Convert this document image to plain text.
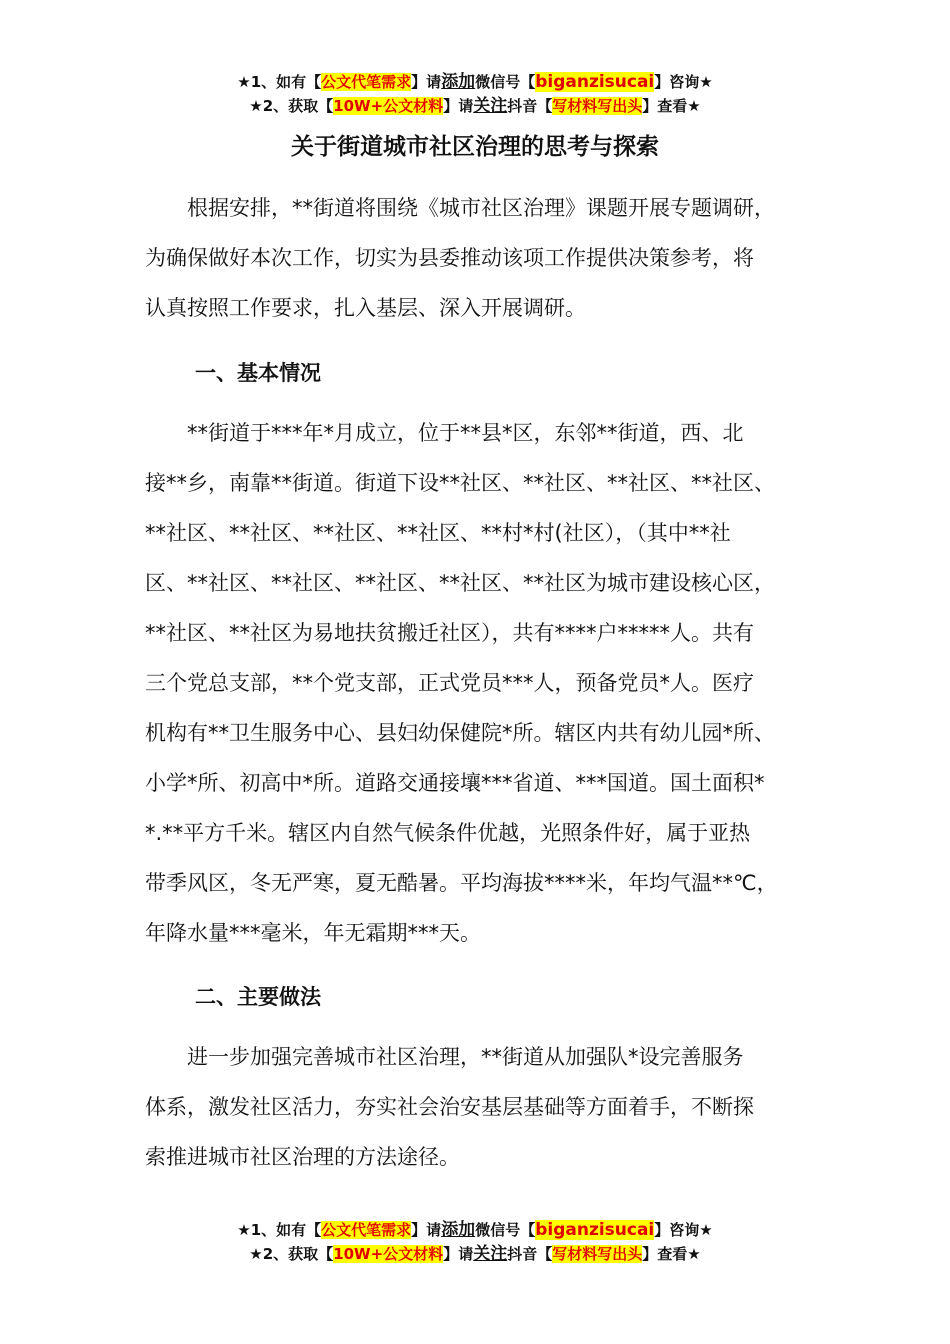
★1、如有【公文代笔需求】请添加微信号【biganzisucai】咨询★
★2、获取【10W+公文材料】请关注抖音【写材料写出头】查看★
关于街道城市社区治理的思考与探索
　　根据安排，**街道将围绕《城市社区治理》课题开展专题调研，
为确保做好本次工作，切实为县委推动该项工作提供决策参考，将
认真按照工作要求，扎入基层、深入开展调研。
一、基本情况
　　**街道于***年*月成立，位于**县*区，东邻**街道，西、北
接**乡，南靠**街道。街道下设**社区、**社区、**社区、**社区、
**社区、**社区、**社区、**社区、**村*村(社区），（其中**社
区、**社区、**社区、**社区、**社区、**社区为城市建设核心区，
**社区、**社区为易地扶贫搬迁社区），共有****户*****人。共有
三个党总支部，**个党支部，正式党员***人，预备党员*人。医疗
机构有**卫生服务中心、县妇幼保健院*所。辖区内共有幼儿园*所、
小学*所、初高中*所。道路交通接壤***省道、***国道。国土面积*
*.**平方千米。辖区内自然气候条件优越，光照条件好，属于亚热
带季风区，冬无严寒，夏无酷暑。平均海拔****米，年均气温**℃，
年降水量***毫米，年无霜期***天。
二、主要做法
　　进一步加强完善城市社区治理，**街道从加强队*设完善服务
体系，激发社区活力，夯实社会治安基层基础等方面着手，不断探
索推进城市社区治理的方法途径。
★1、如有【公文代笔需求】请添加微信号【biganzisucai】咨询★
★2、获取【10W+公文材料】请关注抖音【写材料写出头】查看★
